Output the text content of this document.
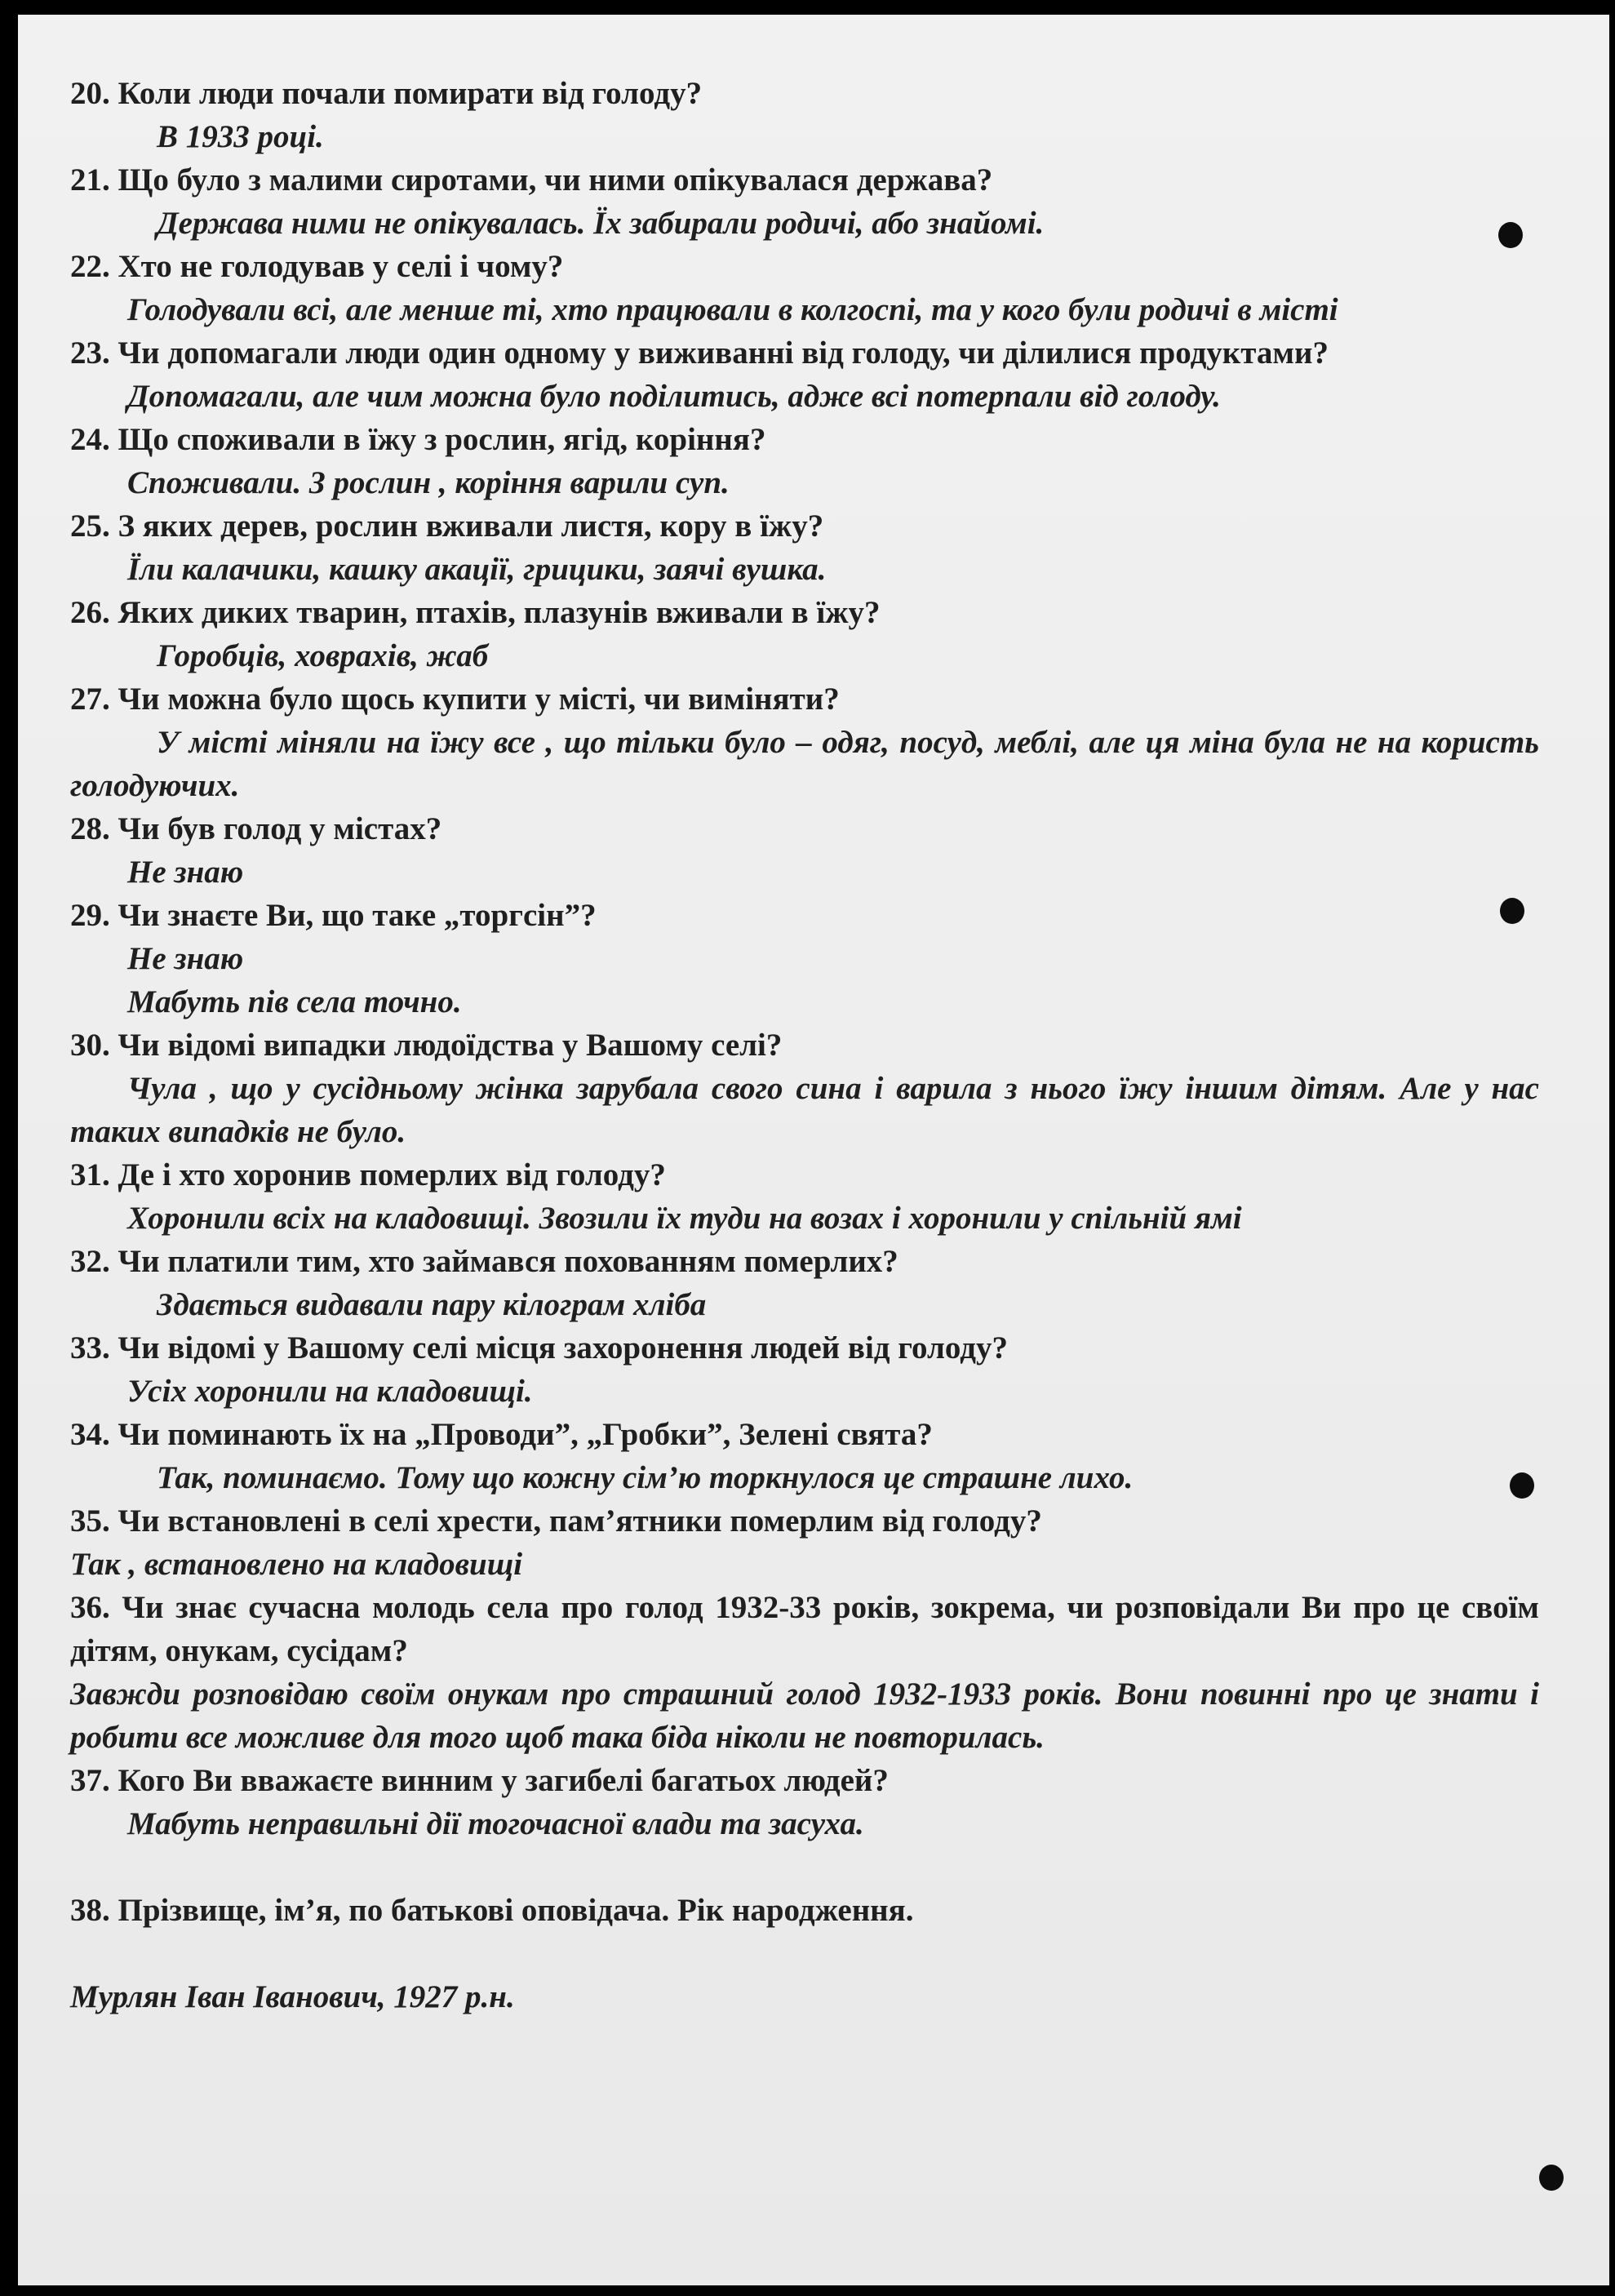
20. Коли люди почали помирати від голоду?

В 1933 році.

21. Що було з малими сиротами, чи ними опікувалася держава?

Держава ними не опікувалась. Їх забирали родичі, або знайомі.

22. Хто не голодував у селі і чому?

Голодували всі, але менше ті, хто працювали в колгоспі, та у кого були родичі в місті

23. Чи допомагали люди один одному у виживанні від голоду, чи ділилися продуктами?

Допомагали, але чим можна було поділитись, адже всі потерпали від голоду.

24. Що споживали в їжу з рослин, ягід, коріння?

Споживали. З рослин , коріння варили суп.

25. З яких дерев, рослин вживали листя, кору в їжу?

Їли калачики, кашку акації, грицики, заячі вушка.

26. Яких диких тварин, птахів, плазунів вживали в їжу?

Горобців, ховрахів, жаб

27. Чи можна було щось купити у місті, чи виміняти?

У місті міняли на їжу все , що тільки було – одяг, посуд, меблі, але ця міна була не на користь голодуючих.

28. Чи був голод у містах?

Не знаю

29. Чи знаєте Ви, що таке „торгсін”?

Не знаю

Мабуть пів села точно.

30. Чи відомі випадки людоїдства у Вашому селі?

Чула , що у сусідньому жінка зарубала свого сина і варила з нього їжу іншим дітям. Але у нас таких випадків не було.

31. Де і хто хоронив померлих від голоду?

Хоронили всіх на кладовищі. Звозили їх туди на возах і хоронили у спільній ямі

32. Чи платили тим, хто займався похованням померлих?

Здається видавали пару кілограм хліба

33. Чи відомі у Вашому селі місця захоронення людей від голоду?

Усіх хоронили на кладовищі.

34. Чи поминають їх на „Проводи”, „Гробки”, Зелені свята?

Так, поминаємо. Тому що кожну сім’ю торкнулося це страшне лихо.

35. Чи встановлені в селі хрести, пам’ятники померлим від голоду?

Так , встановлено на кладовищі

36. Чи знає сучасна молодь села про голод 1932-33 років, зокрема, чи розповідали Ви про це своїм дітям, онукам, сусідам?

Завжди розповідаю своїм онукам про страшний голод 1932-1933 років. Вони повинні про це знати і робити все можливе для того щоб така біда ніколи не повторилась.

37. Кого Ви вважаєте винним у загибелі багатьох людей?

Мабуть неправильні дії тогочасної влади та засуха.

38. Прізвище, ім’я, по батькові оповідача. Рік народження.

Мурлян Іван Іванович, 1927 р.н.
